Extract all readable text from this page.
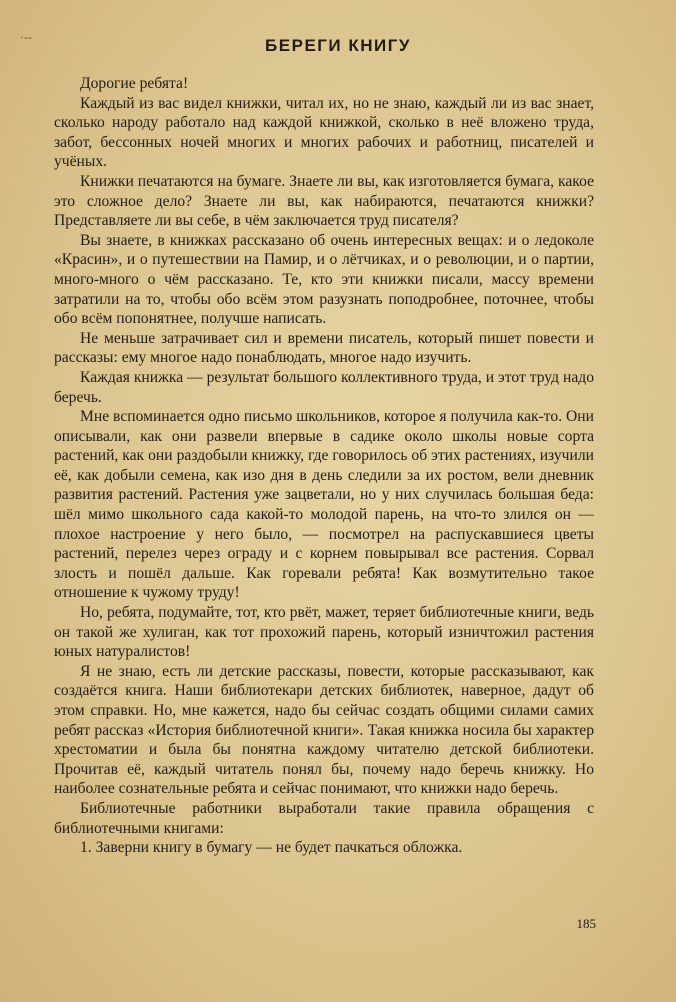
·--	БЕРЕГИ КНИГУ

Дорогие ребята!

Каждый из вас видел книжки, читал их, но не знаю, каждый ли из вас знает, сколько народу работало над каждой книжкой, сколько в неё вложено труда, забот, бессонных ночей многих и многих рабочих и работниц, писателей и учёных.

Книжки печатаются на бумаге. Знаете ли вы, как изготовляется бумага, какое это сложное дело? Знаете ли вы, как набираются, печатаются книжки? Представляете ли вы себе, в чём заключается труд писателя?

Вы знаете, в книжках рассказано об очень интересных вещах: и о ледоколе «Красин», и о путешествии на Памир, и о лётчиках, и о революции, и о партии, много-много о чём рассказано. Те, кто эти книжки писали, массу времени затратили на то, чтобы обо всём этом разузнать поподробнее, поточнее, чтобы обо всём попонятнее, получше написать.

Не меньше затрачивает сил и времени писатель, который пишет повести и рассказы: ему многое надо понаблюдать, многое надо изучить.

Каждая книжка — результат большого коллективного труда, и этот труд надо беречь.

Мне вспоминается одно письмо школьников, которое я получила как-то. Они описывали, как они развели впервые в садике около школы новые сорта растений, как они раздобыли книжку, где говорилось об этих растениях, изучили её, как добыли семена, как изо дня в день следили за их ростом, вели дневник развития растений. Растения уже зацветали, но у них случилась большая беда: шёл мимо школьного сада какой-то молодой парень, на что-то злился он — плохое настроение у него было, — посмотрел на распускавшиеся цветы растений, перелез через ограду и с корнем повырывал все растения. Сорвал злость и пошёл дальше. Как горевали ребята! Как возмутительно такое отношение к чужому труду!

Но, ребята, подумайте, тот, кто рвёт, мажет, теряет библиотечные книги, ведь он такой же хулиган, как тот прохожий парень, который изничтожил растения юных натуралистов!

Я не знаю, есть ли детские рассказы, повести, которые рассказывают, как создаётся книга. Наши библиотекари детских библиотек, наверное, дадут об этом справки. Но, мне кажется, надо бы сейчас создать общими силами самих ребят рассказ «История библиотечной книги». Такая книжка носила бы характер хрестоматии и была бы понятна каждому читателю детской библиотеки. Прочитав её, каждый читатель понял бы, почему надо беречь книжку. Но наиболее сознательные ребята и сейчас понимают, что книжки надо беречь.

Библиотечные работники выработали такие правила обращения с библиотечными книгами:

1. Заверни книгу в бумагу — не будет пачкаться обложка.

185
